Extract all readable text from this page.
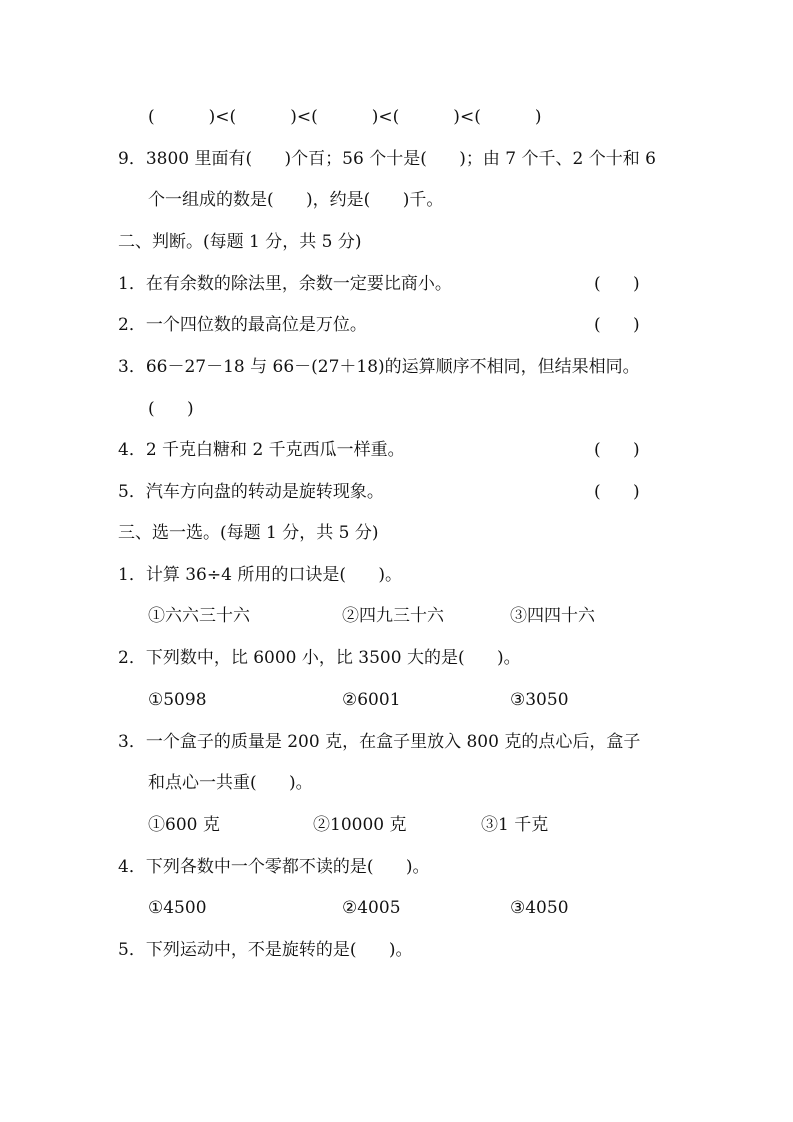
(          )<(          )<(          )<(          )<(          )
9．3800 里面有(      )个百；56 个十是(      )；由 7 个千、2 个十和 6
个一组成的数是(      )，约是(      )千。
二、判断。(每题 1 分，共 5 分)
1．在有余数的除法里，余数一定要比商小。	(      )
2．一个四位数的最高位是万位。	(      )
3．66－27－18 与 66－(27＋18)的运算顺序不相同，但结果相同。
(      )
4．2 千克白糖和 2 千克西瓜一样重。	(      )
5．汽车方向盘的转动是旋转现象。	(      )
三、选一选。(每题 1 分，共 5 分)
1．计算 36÷4 所用的口诀是(      )。
①六六三十六	②四九三十六	③四四十六
2．下列数中，比 6000 小，比 3500 大的是(      )。
①5098	②6001	③3050
3．一个盒子的质量是 200 克，在盒子里放入 800 克的点心后，盒子
和点心一共重(      )。
①600 克	②10000 克	③1 千克
4．下列各数中一个零都不读的是(      )。
①4500	②4005	③4050
5．下列运动中，不是旋转的是(      )。
